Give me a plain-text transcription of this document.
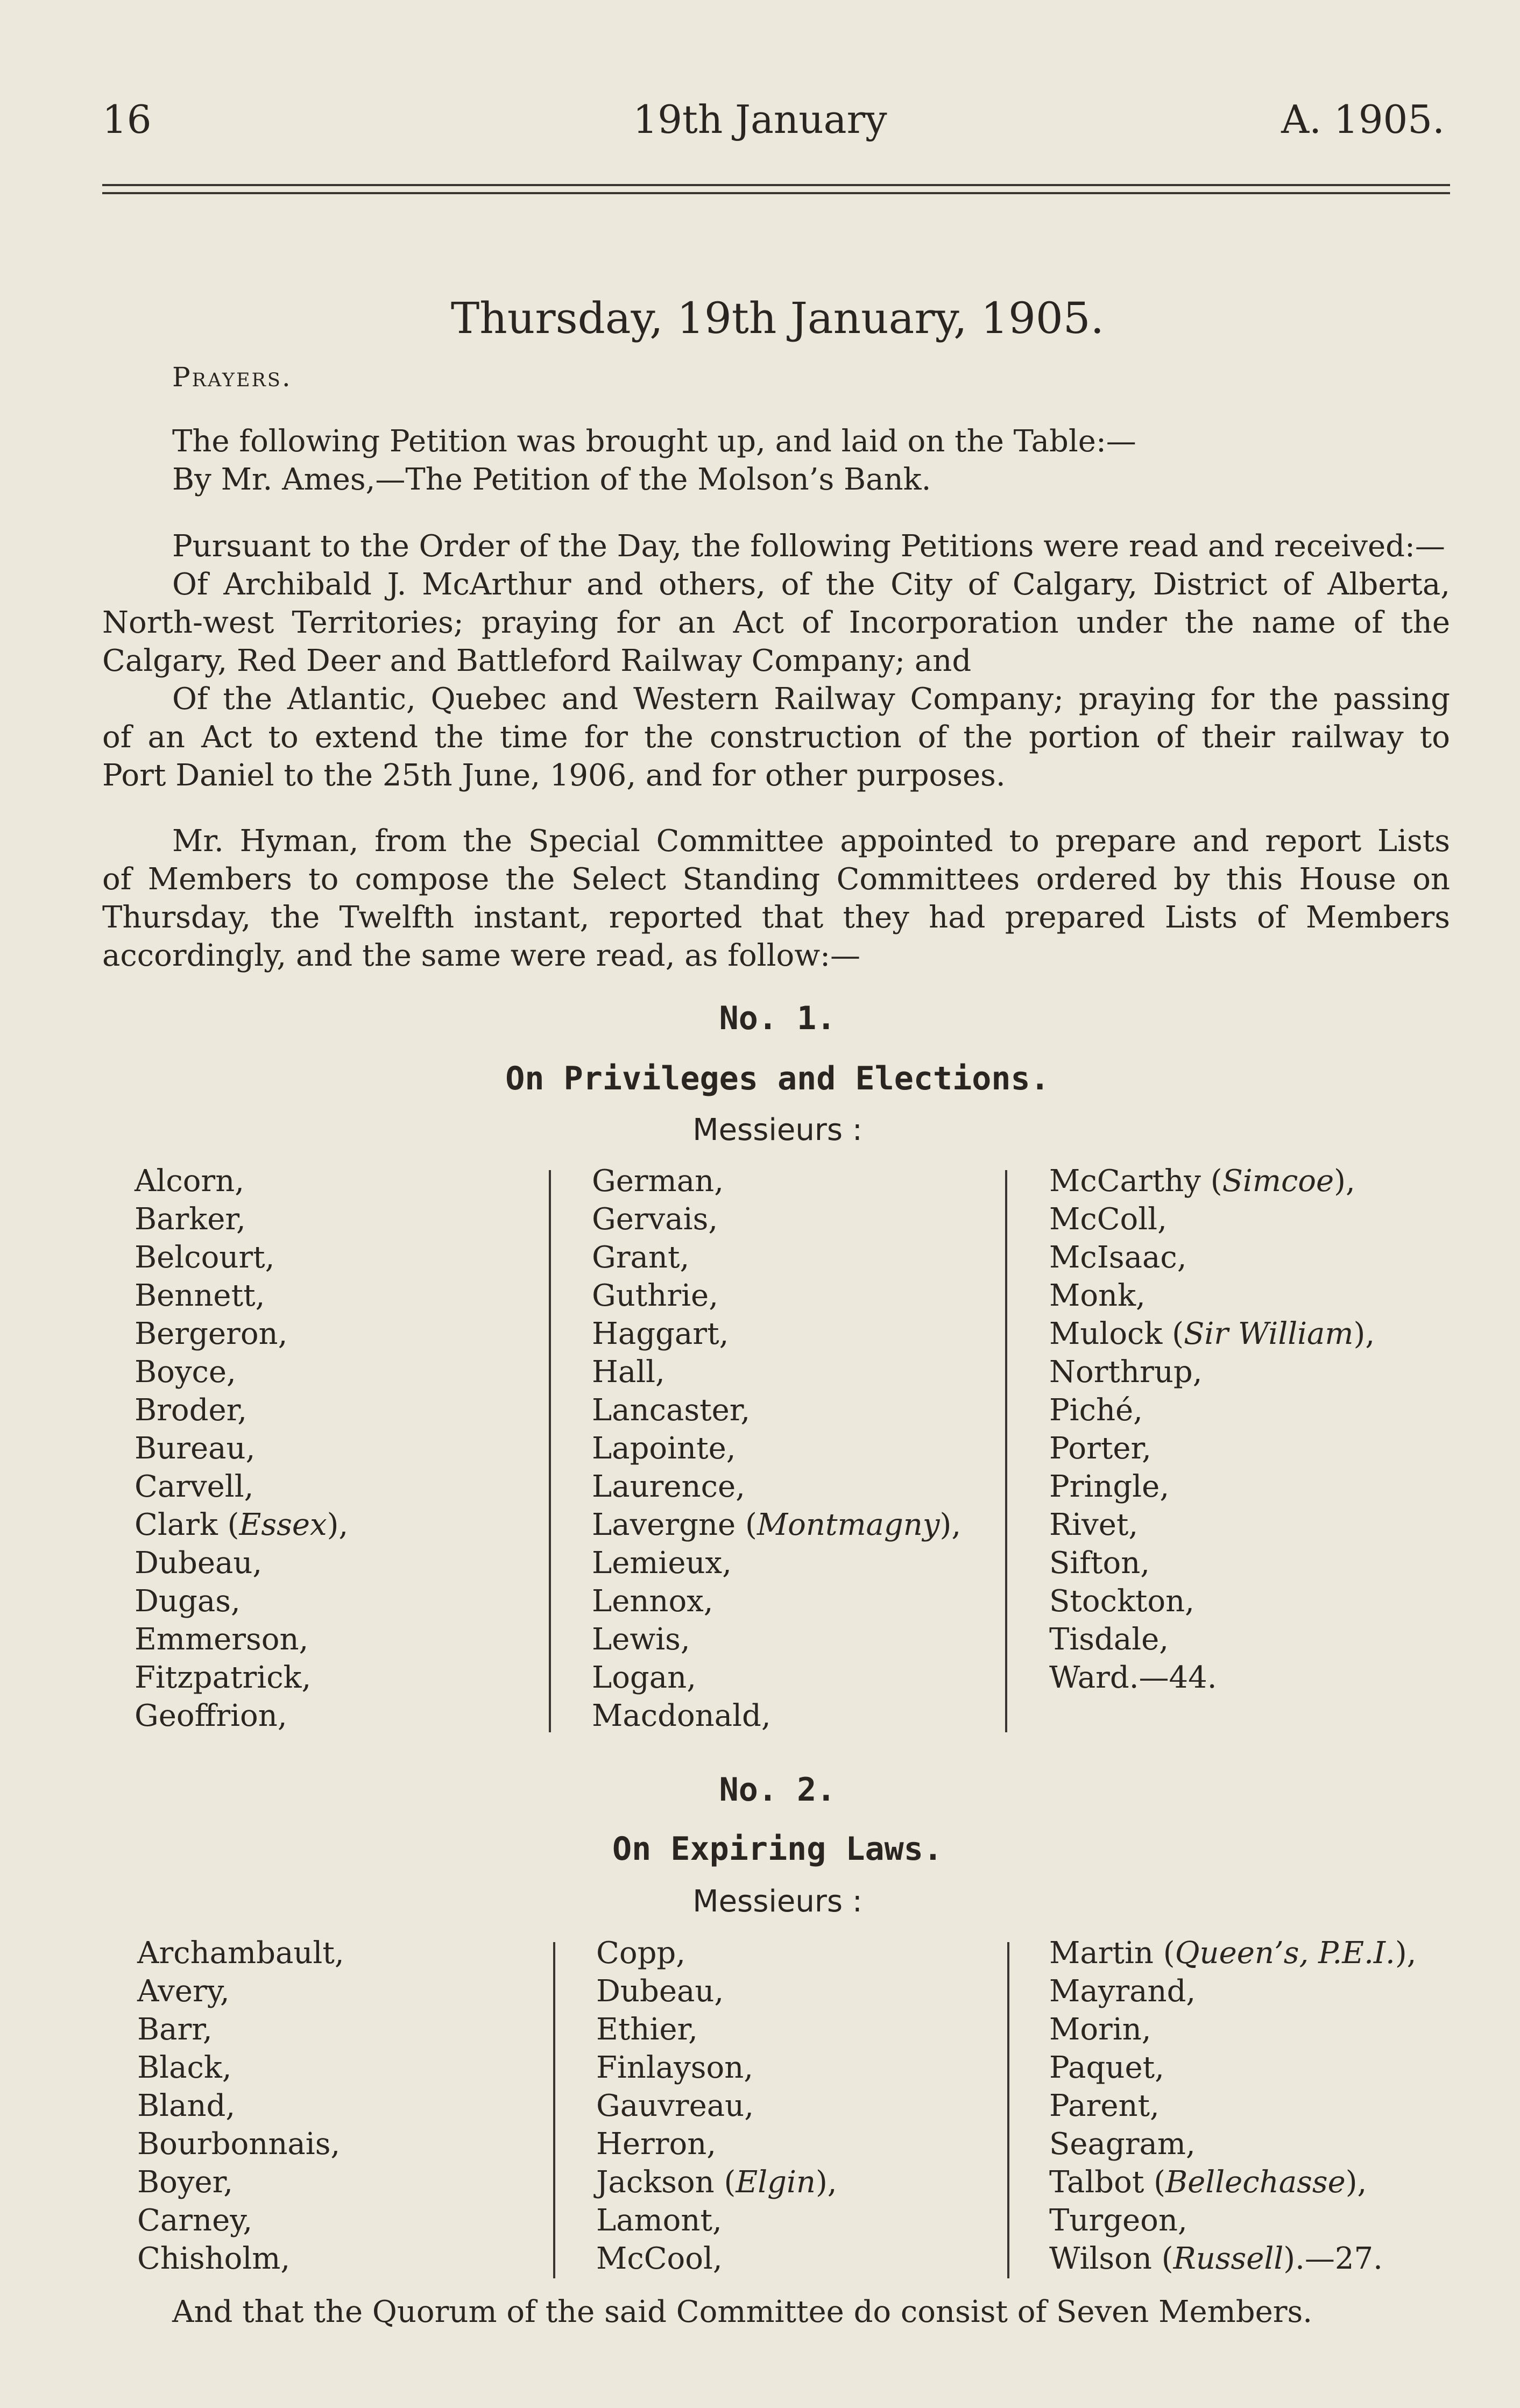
16	19th January	A. 1905.
Thursday, 19th January, 1905.
Prayers.
The following Petition was brought up, and laid on the Table:—
By Mr. Ames,—The Petition of the Molson’s Bank.
Pursuant to the Order of the Day, the following Petitions were read and received:—
Of Archibald J. McArthur and others, of the City of Calgary, District of Alberta,
North-west Territories; praying for an Act of Incorporation under the name of the
Calgary, Red Deer and Battleford Railway Company; and
Of the Atlantic, Quebec and Western Railway Company; praying for the passing
of an Act to extend the time for the construction of the portion of their railway to
Port Daniel to the 25th June, 1906, and for other purposes.
Mr. Hyman, from the Special Committee appointed to prepare and report Lists
of Members to compose the Select Standing Committees ordered by this House on
Thursday, the Twelfth instant, reported that they had prepared Lists of Members
accordingly, and the same were read, as follow:—
No. 1.
On Privileges and Elections.
Messieurs :
Alcorn,
Barker,
Belcourt,
Bennett,
Bergeron,
Boyce,
Broder,
Bureau,
Carvell,
Clark (Essex),
Dubeau,
Dugas,
Emmerson,
Fitzpatrick,
Geoffrion,
German,
Gervais,
Grant,
Guthrie,
Haggart,
Hall,
Lancaster,
Lapointe,
Laurence,
Lavergne (Montmagny),
Lemieux,
Lennox,
Lewis,
Logan,
Macdonald,
McCarthy (Simcoe),
McColl,
McIsaac,
Monk,
Mulock (Sir William),
Northrup,
Piché,
Porter,
Pringle,
Rivet,
Sifton,
Stockton,
Tisdale,
Ward.—44.
No. 2.
On Expiring Laws.
Messieurs :
Archambault,
Avery,
Barr,
Black,
Bland,
Bourbonnais,
Boyer,
Carney,
Chisholm,
Copp,
Dubeau,
Ethier,
Finlayson,
Gauvreau,
Herron,
Jackson (Elgin),
Lamont,
McCool,
Martin (Queen’s, P.E.I.),
Mayrand,
Morin,
Paquet,
Parent,
Seagram,
Talbot (Bellechasse),
Turgeon,
Wilson (Russell).—27.
And that the Quorum of the said Committee do consist of Seven Members.
